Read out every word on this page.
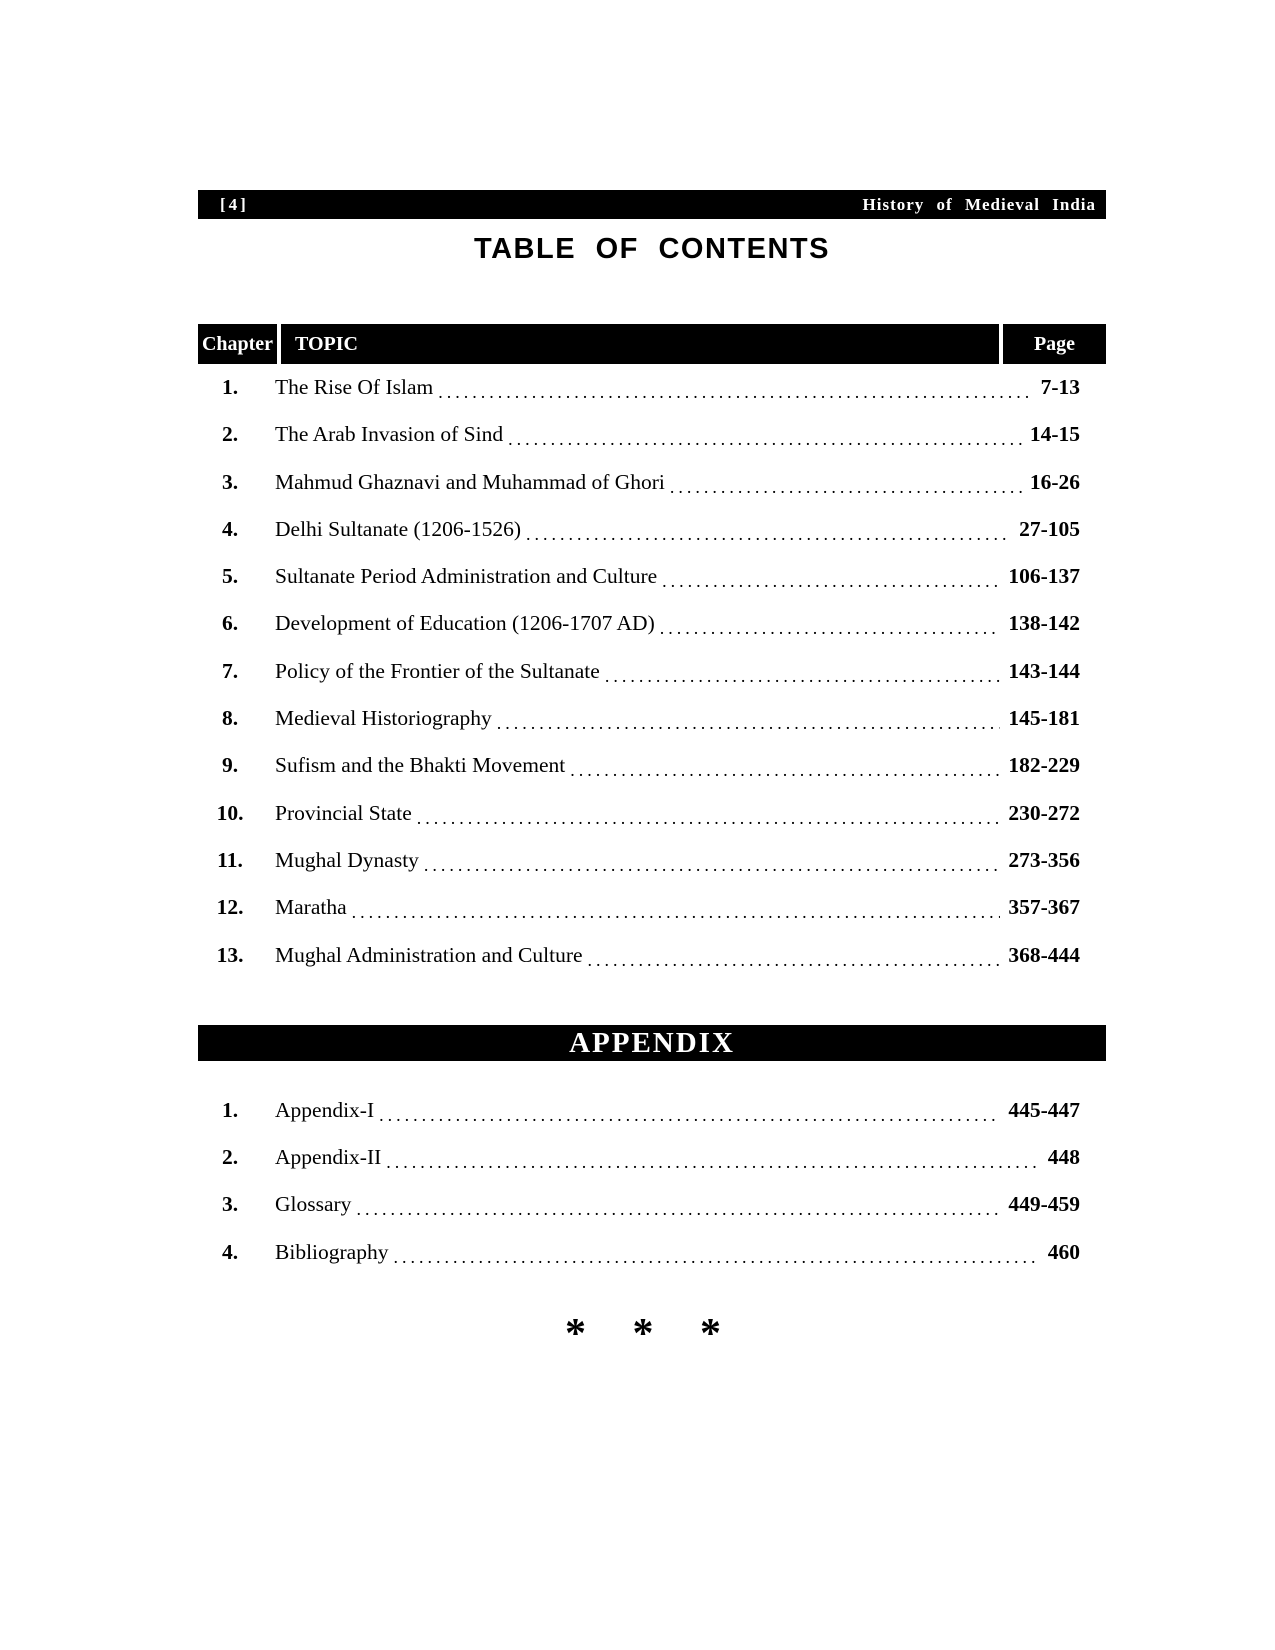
[4]	History of Medieval India
TABLE OF CONTENTS
Chapter	TOPIC	Page
1.	The Rise Of Islam .....	7-13
2.	The Arab Invasion of Sind .....	14-15
3.	Mahmud Ghaznavi and Muhammad of Ghori .....	16-26
4.	Delhi Sultanate (1206-1526) .....	27-105
5.	Sultanate Period Administration and Culture .....	106-137
6.	Development of Education (1206-1707 AD) .....	138-142
7.	Policy of the Frontier of the Sultanate .....	143-144
8.	Medieval Historiography .....	145-181
9.	Sufism and the Bhakti Movement .....	182-229
10.	Provincial State .....	230-272
11.	Mughal Dynasty .....	273-356
12.	Maratha .....	357-367
13.	Mughal Administration and Culture .....	368-444
APPENDIX
1.	Appendix-I .....	445-447
2.	Appendix-II .....	448
3.	Glossary .....	449-459
4.	Bibliography .....	460
* * *
